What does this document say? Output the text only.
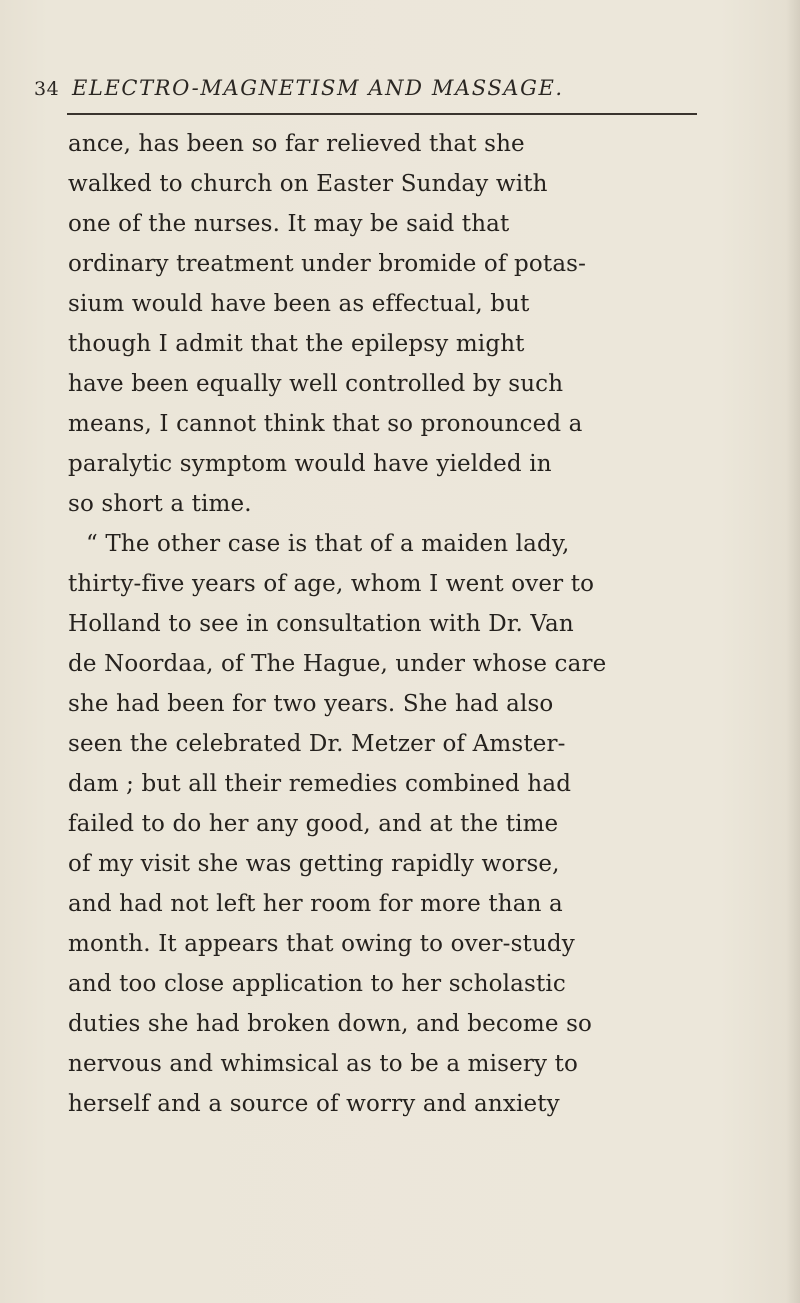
34 ELECTRO-MAGNETISM AND MASSAGE.
ance, has been so far relieved that she
walked to church on Easter Sunday with
one of the nurses. It may be said that
ordinary treatment under bromide of potas-
sium would have been as effectual, but
though I admit that the epilepsy might
have been equally well controlled by such
means, I cannot think that so pronounced a
paralytic symptom would have yielded in
so short a time.
“ The other case is that of a maiden lady,
thirty-five years of age, whom I went over to
Holland to see in consultation with Dr. Van
de Noordaa, of The Hague, under whose care
she had been for two years. She had also
seen the celebrated Dr. Metzer of Amster-
dam ; but all their remedies combined had
failed to do her any good, and at the time
of my visit she was getting rapidly worse,
and had not left her room for more than a
month. It appears that owing to over-study
and too close application to her scholastic
duties she had broken down, and become so
nervous and whimsical as to be a misery to
herself and a source of worry and anxiety
